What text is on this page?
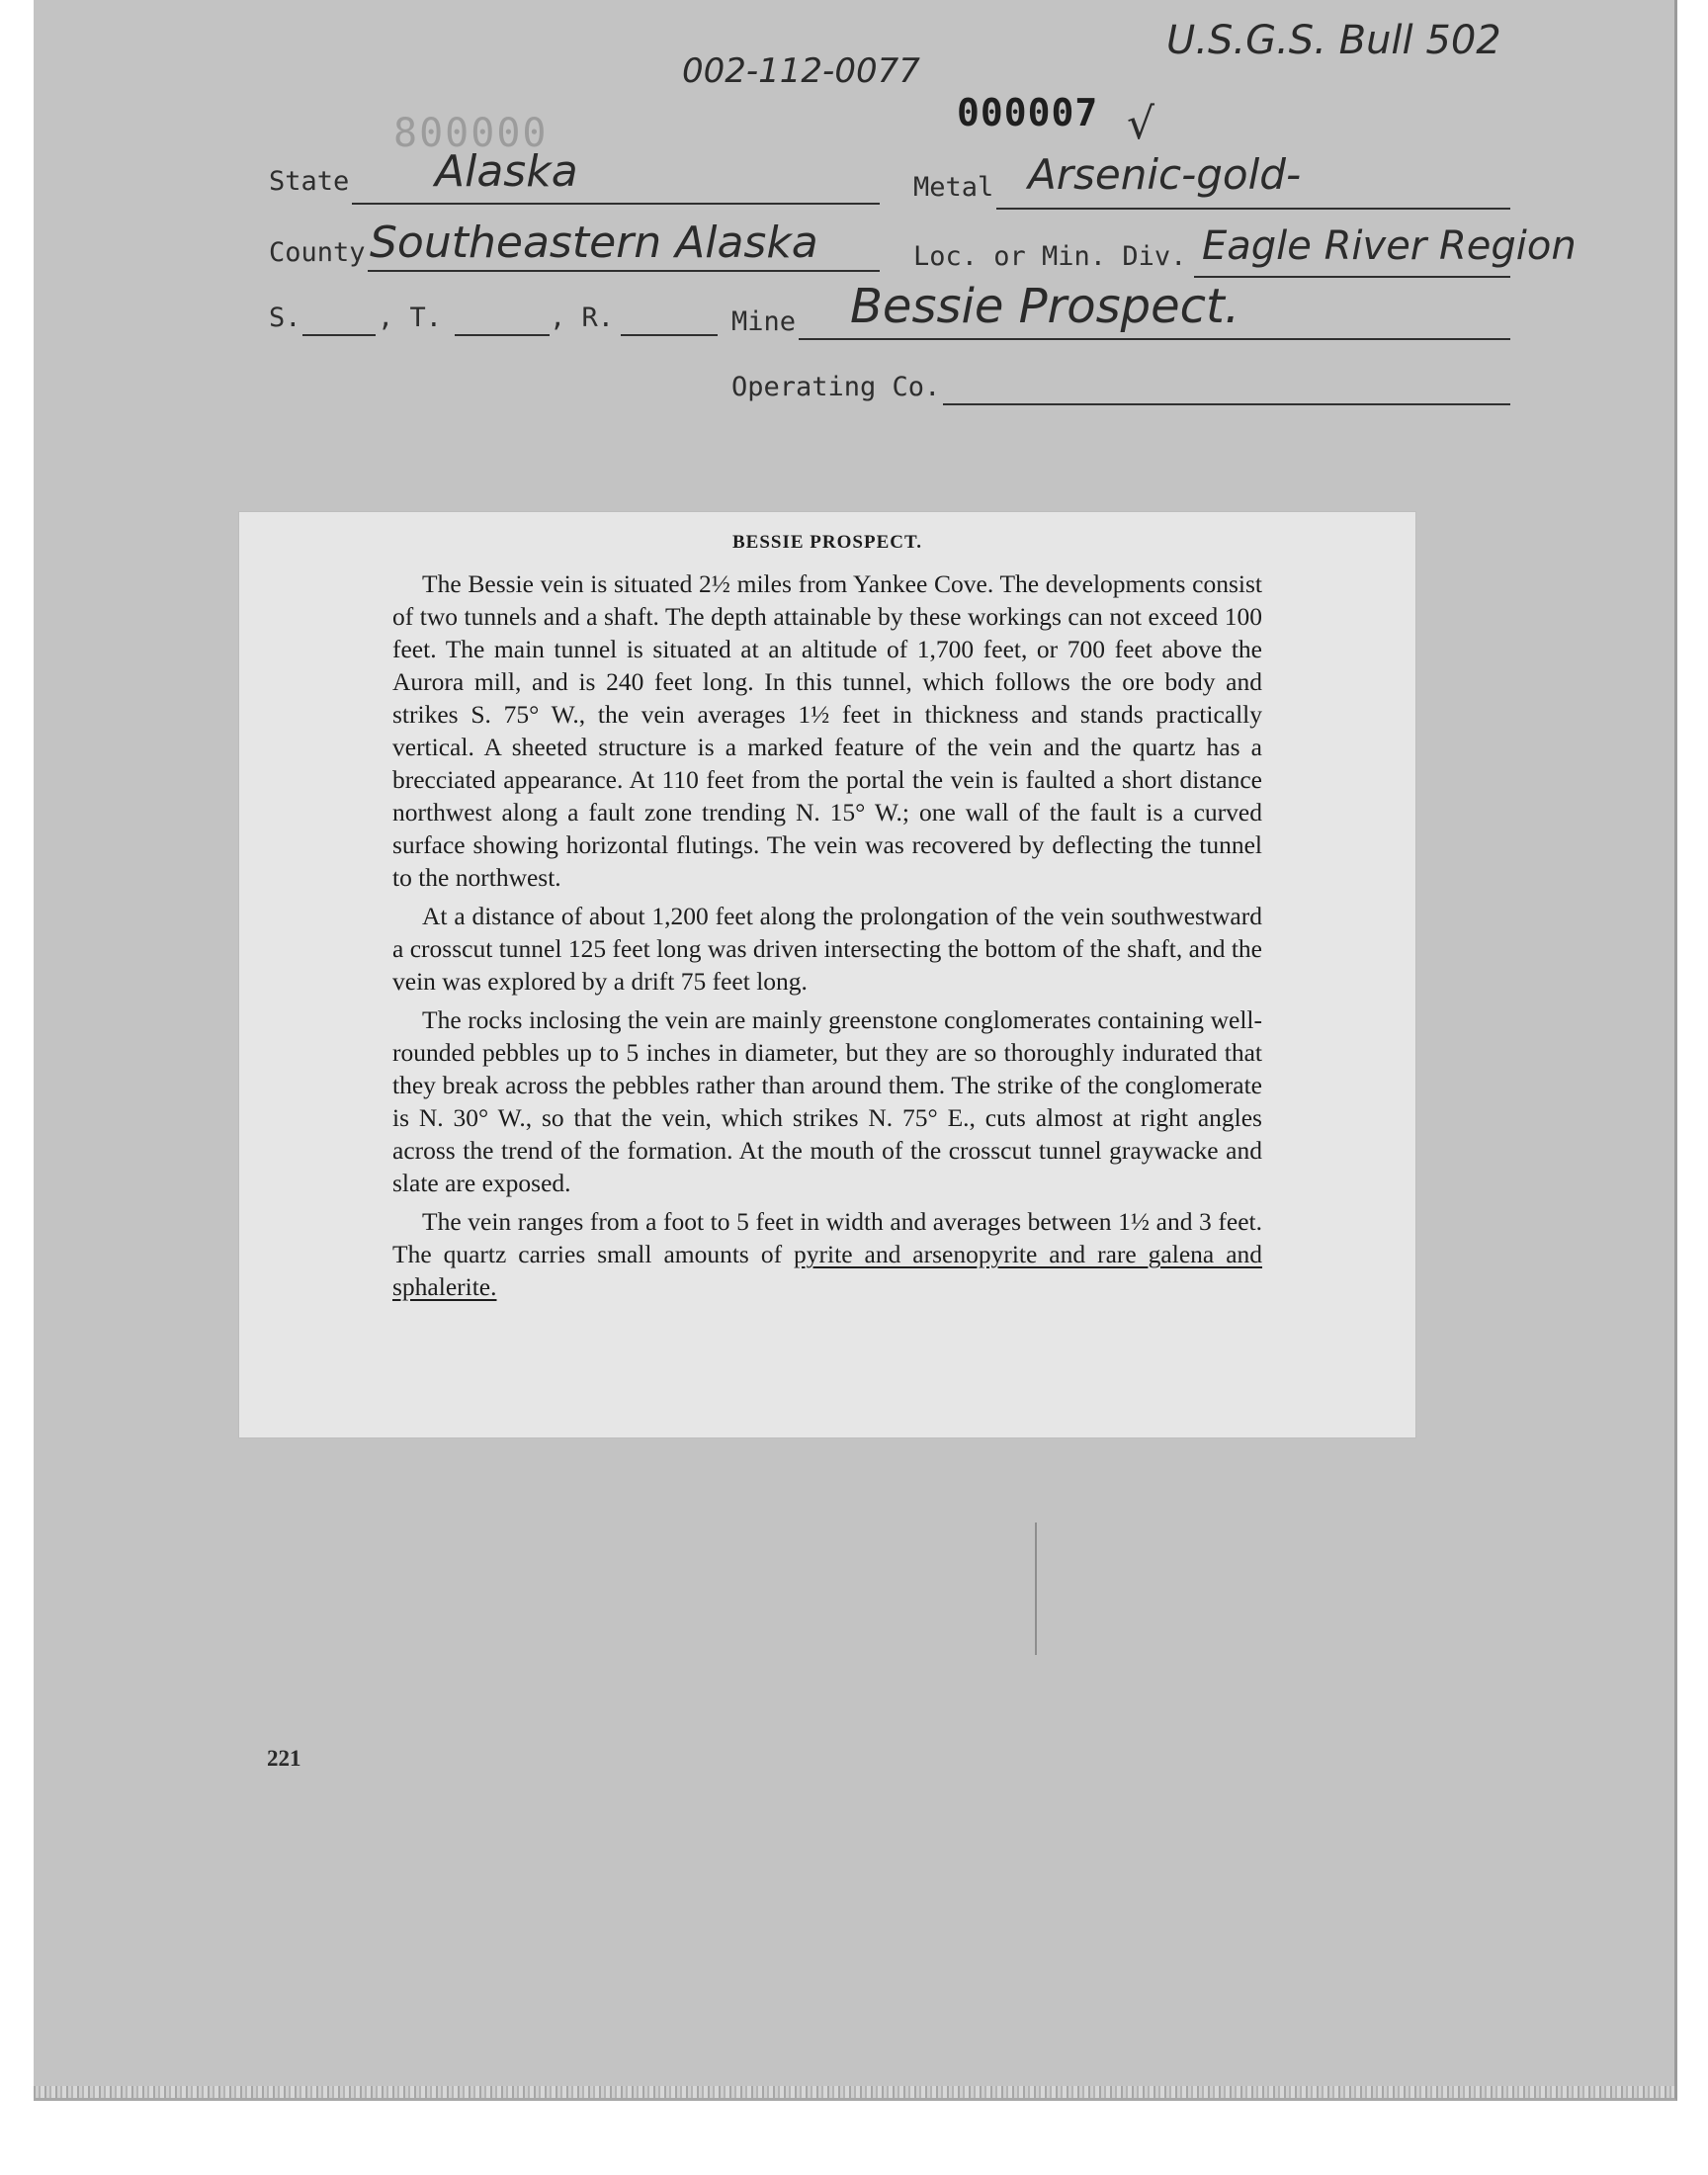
U.S.G.S. Bull 502
002-112-0077
800000	000007 √
State Alaska	Metal Arsenic-gold-
County Southeastern Alaska	Loc. or Min. Div. Eagle River Region
S.	, T.	, R.	Mine Bessie Prospect.
Operating Co.
BESSIE PROSPECT.

The Bessie vein is situated 2½ miles from Yankee Cove. The developments consist of two tunnels and a shaft. The depth attainable by these workings can not exceed 100 feet. The main tunnel is situated at an altitude of 1,700 feet, or 700 feet above the Aurora mill, and is 240 feet long. In this tunnel, which follows the ore body and strikes S. 75° W., the vein averages 1½ feet in thickness and stands practically vertical. A sheeted structure is a marked feature of the vein and the quartz has a brecciated appearance. At 110 feet from the portal the vein is faulted a short distance northwest along a fault zone trending N. 15° W.; one wall of the fault is a curved surface showing horizontal flutings. The vein was recovered by deflecting the tunnel to the northwest.

At a distance of about 1,200 feet along the prolongation of the vein southwestward a crosscut tunnel 125 feet long was driven intersecting the bottom of the shaft, and the vein was explored by a drift 75 feet long.

The rocks inclosing the vein are mainly greenstone conglomerates containing well-rounded pebbles up to 5 inches in diameter, but they are so thoroughly indurated that they break across the pebbles rather than around them. The strike of the conglomerate is N. 30° W., so that the vein, which strikes N. 75° E., cuts almost at right angles across the trend of the formation. At the mouth of the crosscut tunnel graywacke and slate are exposed.

The vein ranges from a foot to 5 feet in width and averages between 1½ and 3 feet. The quartz carries small amounts of pyrite and arsenopyrite and rare galena and sphalerite.

221
